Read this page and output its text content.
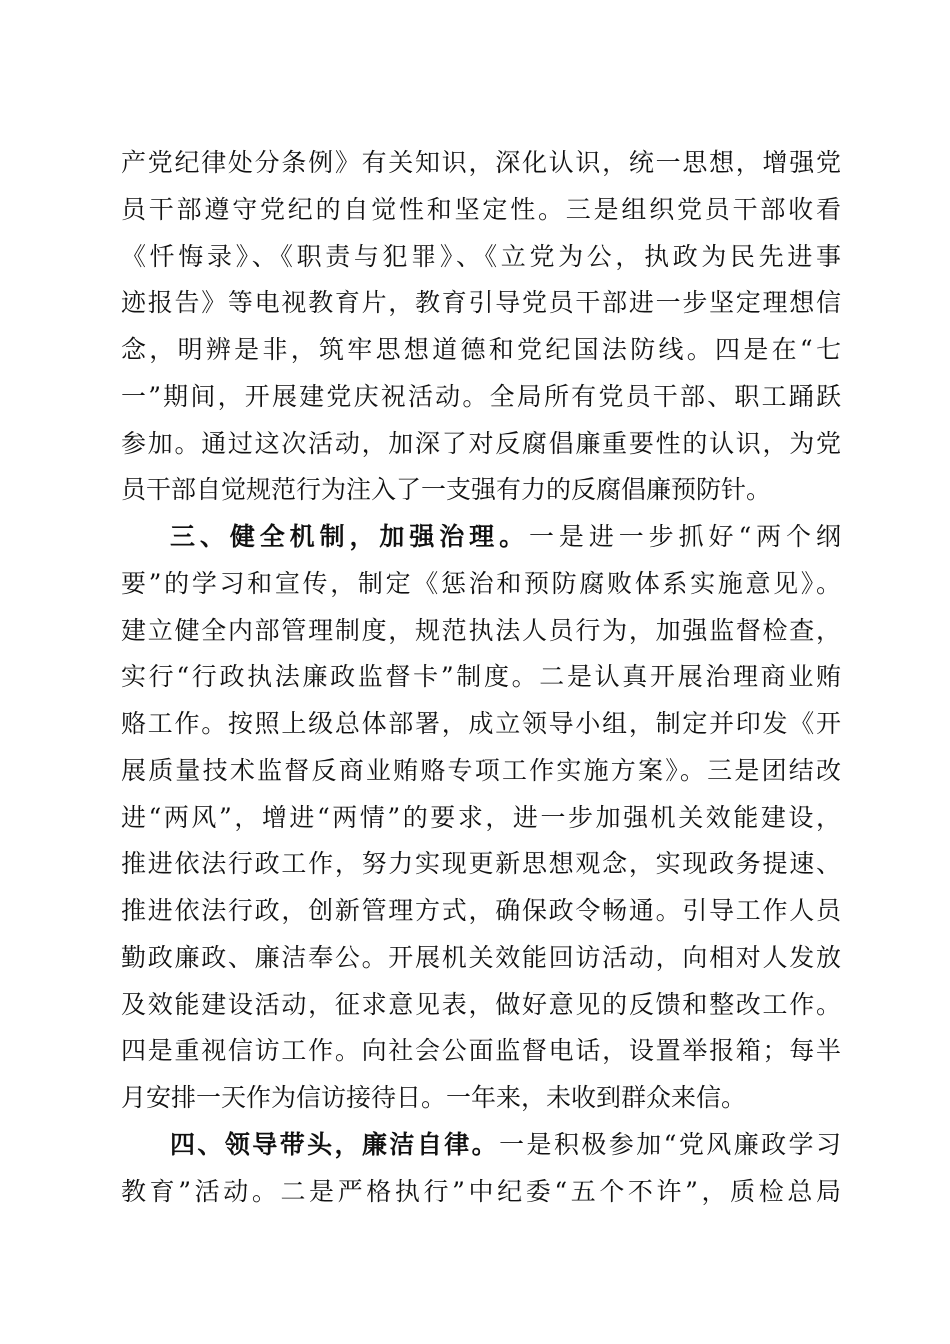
产党纪律处分条例》有关知识，深化认识，统一思想，增强党
员干部遵守党纪的自觉性和坚定性。三是组织党员干部收看
《忏悔录》、《职责与犯罪》、《立党为公，执政为民先进事
迹报告》等电视教育片，教育引导党员干部进一步坚定理想信
念，明辨是非，筑牢思想道德和党纪国法防线。四是在“七
一”期间，开展建党庆祝活动。全局所有党员干部、职工踊跃
参加。通过这次活动，加深了对反腐倡廉重要性的认识，为党
员干部自觉规范行为注入了一支强有力的反腐倡廉预防针。
三、健全机制，加强治理。一是进一步抓好“两个纲
要”的学习和宣传，制定《惩治和预防腐败体系实施意见》。
建立健全内部管理制度，规范执法人员行为，加强监督检查，
实行“行政执法廉政监督卡”制度。二是认真开展治理商业贿
赂工作。按照上级总体部署，成立领导小组，制定并印发《开
展质量技术监督反商业贿赂专项工作实施方案》。三是团结改
进“两风”，增进“两情”的要求，进一步加强机关效能建设，
推进依法行政工作，努力实现更新思想观念，实现政务提速、
推进依法行政，创新管理方式，确保政令畅通。引导工作人员
勤政廉政、廉洁奉公。开展机关效能回访活动，向相对人发放
及效能建设活动，征求意见表，做好意见的反馈和整改工作。
四是重视信访工作。向社会公面监督电话，设置举报箱；每半
月安排一天作为信访接待日。一年来，未收到群众来信。
四、领导带头，廉洁自律。一是积极参加“党风廉政学习
教育”活动。二是严格执行”中纪委“五个不许”，质检总局
